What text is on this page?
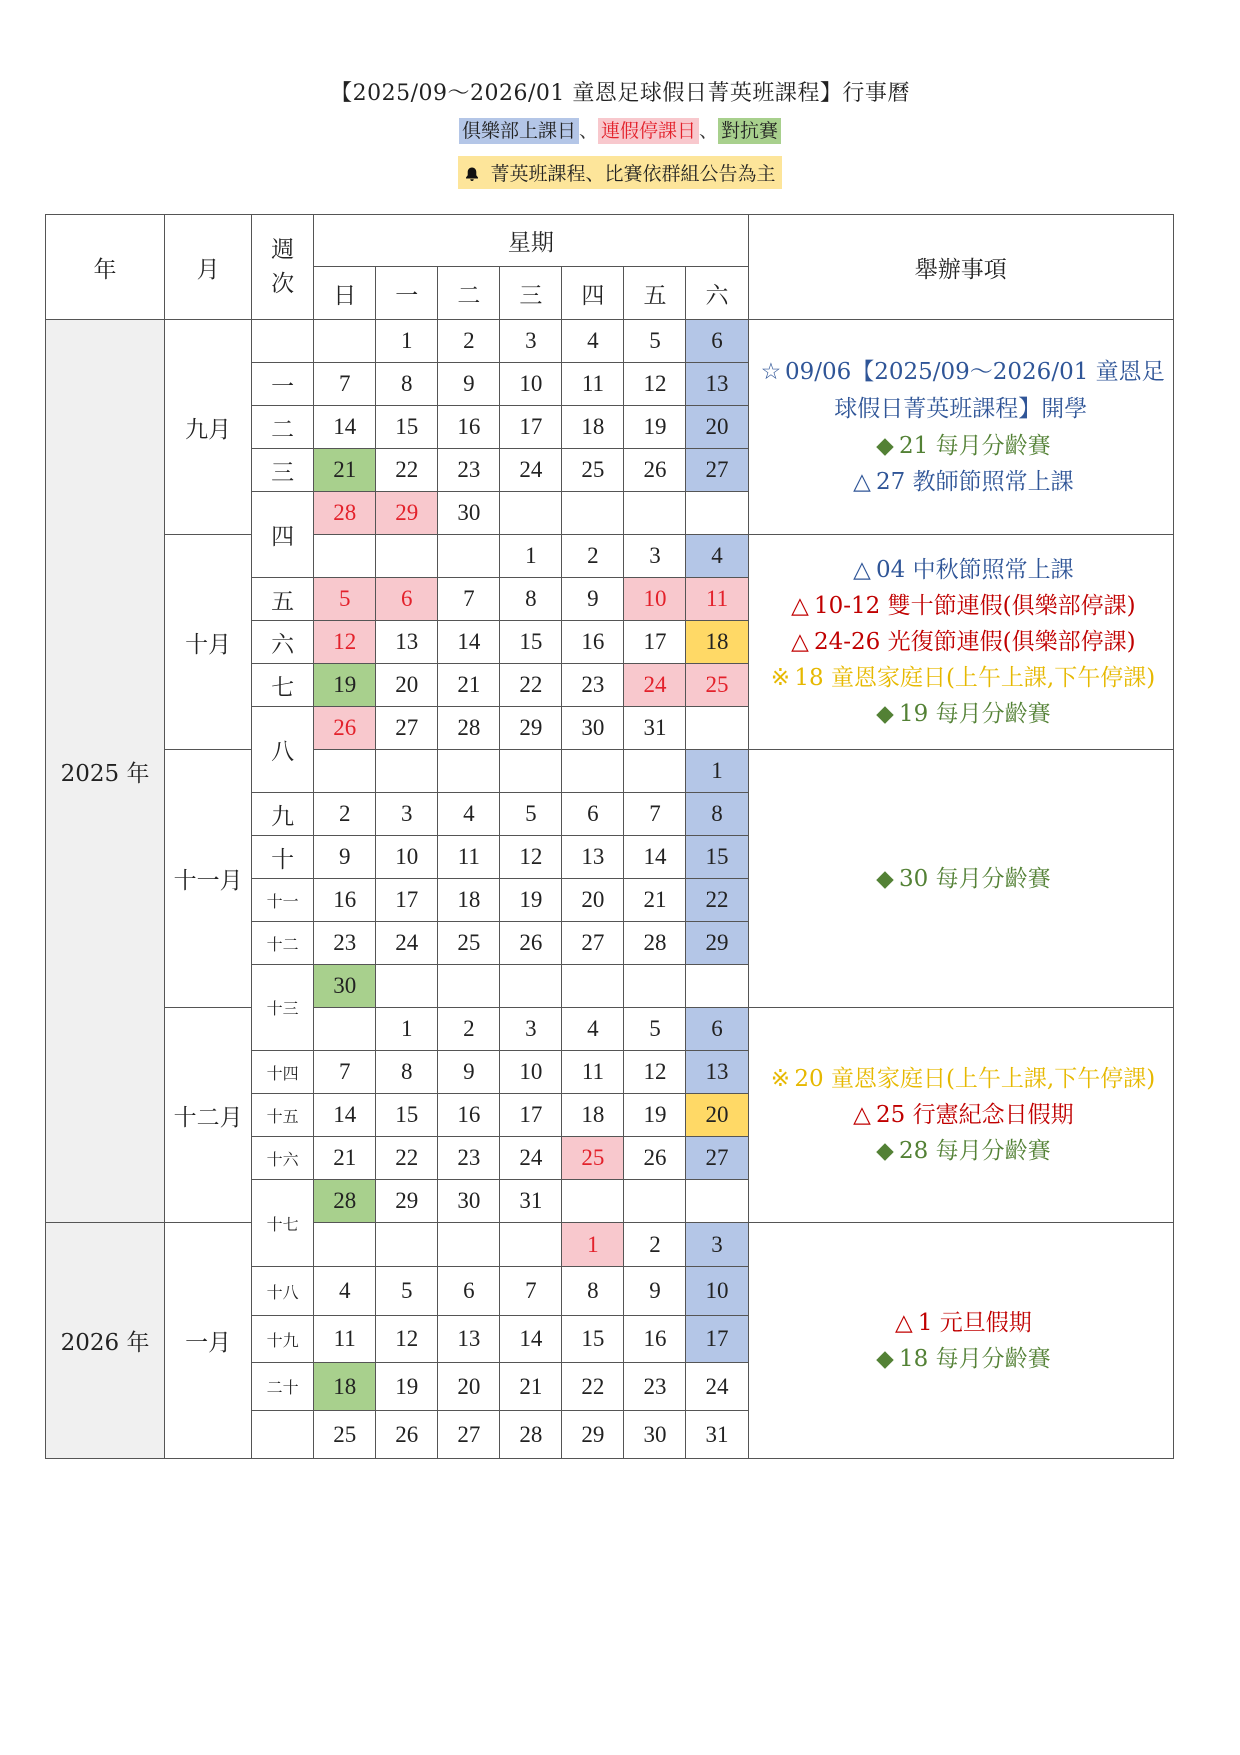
【2025/09～2026/01 童恩足球假日菁英班課程】行事曆
俱樂部上課日 、 連假停課日 、 對抗賽
菁英班課程、比賽依群組公告為主
年	月	週
次	星期							舉辦事項
			日	一	二	三	四	五	六	
2025 年	九月			1	2	3	4	5	6	☆ 09/06【2025/09～2026/01 童恩足球假日菁英班課程】開學
◆ 21 每月分齡賽
△ 27 教師節照常上課

		一	7	8	9	10	11	12	13	
		二	14	15	16	17	18	19	20	
		三	21	22	23	24	25	26	27	
		四	28	29	30					
	十月					1	2	3	4	△ 04 中秋節照常上課
△ 10-12 雙十節連假(俱樂部停課)
△ 24-26 光復節連假(俱樂部停課)
※ 18 童恩家庭日(上午上課,下午停課)
◆ 19 每月分齡賽

		五	5	6	7	8	9	10	11	
		六	12	13	14	15	16	17	18	
		七	19	20	21	22	23	24	25	
		八	26	27	28	29	30	31		
	十一月								1	◆ 30 每月分齡賽

		九	2	3	4	5	6	7	8	
		十	9	10	11	12	13	14	15	
		十一	16	17	18	19	20	21	22	
		十二	23	24	25	26	27	28	29	
		十三	30							
	十二月			1	2	3	4	5	6	※ 20 童恩家庭日(上午上課,下午停課)
△ 25 行憲紀念日假期
◆ 28 每月分齡賽

		十四	7	8	9	10	11	12	13	
		十五	14	15	16	17	18	19	20	
		十六	21	22	23	24	25	26	27	
		十七	28	29	30	31				
2026 年	一月						1	2	3	△ 1 元旦假期
◆ 18 每月分齡賽

		十八	4	5	6	7	8	9	10	
		十九	11	12	13	14	15	16	17	
		二十	18	19	20	21	22	23	24	
			25	26	27	28	29	30	31	
